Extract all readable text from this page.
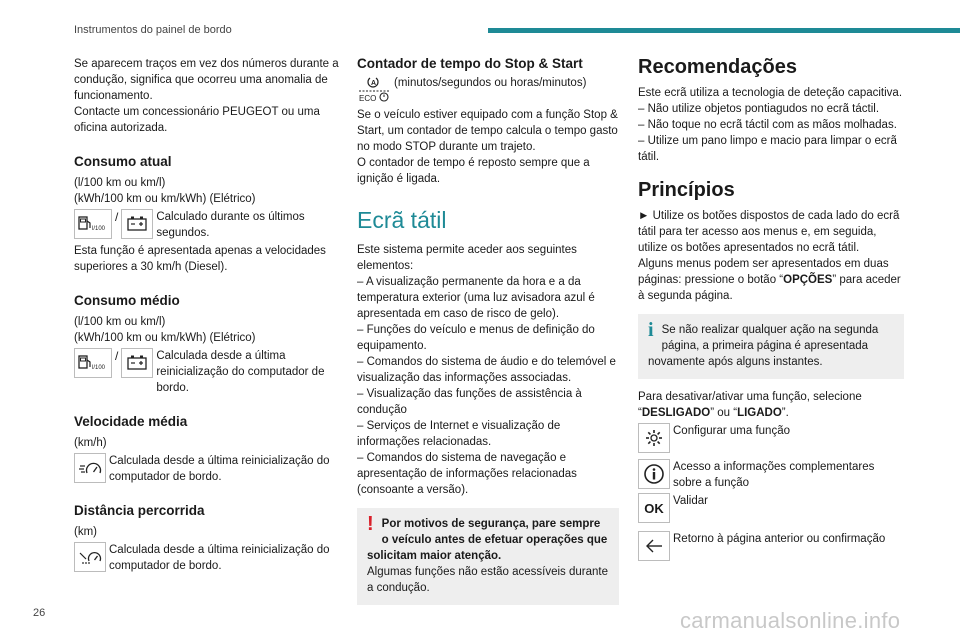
Instrumentos do painel de bordo

Se aparecem traços em vez dos números durante a condução, significa que ocorreu uma anomalia de funcionamento.

Contacte um concessionário PEUGEOT ou uma oficina autorizada.

Consumo atual

(l/100 km ou km/l)

(kWh/100 km ou km/kWh) (Elétrico)

l/100
/	Calculado durante os últimos segundos.

Esta função é apresentada apenas a velocidades superiores a 30 km/h (Diesel).

Consumo médio

(l/100 km ou km/l)

(kWh/100 km ou km/kWh) (Elétrico)

l/100
/	Calculada desde a última reinicialização do computador de bordo.
Velocidade média

(km/h)

Calculada desde a última reinicialização do computador de bordo.
Distância percorrida

(km)

Calculada desde a última reinicialização do computador de bordo.
Contador de tempo do Stop & Start
A
ECO
(minutos/segundos ou horas/minutos)

Se o veículo estiver equipado com a função Stop & Start, um contador de tempo calcula o tempo gasto no modo STOP durante um trajeto.

O contador de tempo é reposto sempre que a ignição é ligada.

Ecrã tátil

Este sistema permite aceder aos seguintes elementos:

– A visualização permanente da hora e a da temperatura exterior (uma luz avisadora azul é apresentada em caso de risco de gelo).

– Funções do veículo e menus de definição do equipamento.

– Comandos do sistema de áudio e do telemóvel e visualização das informações associadas.

– Visualização das funções de assistência à condução

– Serviços de Internet e visualização de informações relacionadas.

– Comandos do sistema de navegação e apresentação de informações relacionadas (consoante a versão).

! Por motivos de segurança, pare sempre o veículo antes de efetuar operações que solicitam maior atenção.

Algumas funções não estão acessíveis durante a condução.

Recomendações

Este ecrã utiliza a tecnologia de deteção capacitiva.

– Não utilize objetos pontiagudos no ecrã táctil.

– Não toque no ecrã táctil com as mãos molhadas.

– Utilize um pano limpo e macio para limpar o ecrã tátil.

Princípios

► Utilize os botões dispostos de cada lado do ecrã tátil para ter acesso aos menus e, em seguida, utilize os botões apresentados no ecrã tátil.

Alguns menus podem ser apresentados em duas páginas: pressione o botão “OPÇÕES” para aceder à segunda página.

i Se não realizar qualquer ação na segunda página, a primeira página é apresentada novamente após alguns instantes.

Para desativar/ativar uma função, selecione “DESLIGADO” ou “LIGADO”.

Configurar uma função
Acesso a informações complementares sobre a função
OK Validar
Retorno à página anterior ou confirmação
26	carmanualsonline.info
